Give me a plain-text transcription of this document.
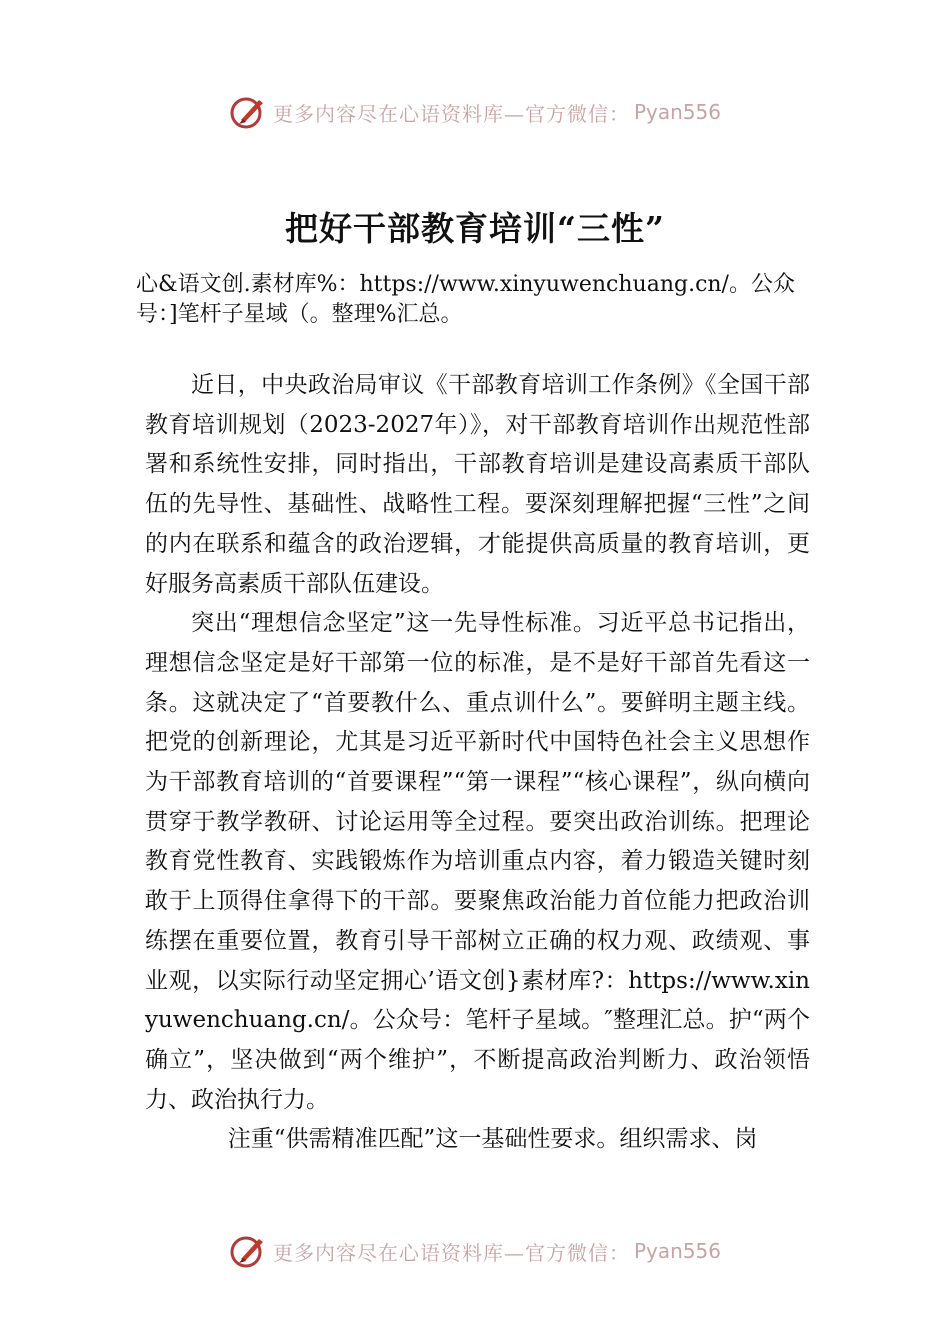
更多内容尽在心语资料库—官方微信： Pyan556
把好干部教育培训“三性”

心&语文创.素材库%：https://www.xinyuwenchuang.cn/。公众号：]笔杆子星域（。整理%汇总。

近日，中央政治局审议《干部教育培训工作条例》《全国干部教育培训规划（2023-2027年）》，对干部教育培训作出规范性部署和系统性安排，同时指出，干部教育培训是建设高素质干部队伍的先导性、基础性、战略性工程。要深刻理解把握“三性”之间的内在联系和蕴含的政治逻辑，才能提供高质量的教育培训，更好服务高素质干部队伍建设。

突出“理想信念坚定”这一先导性标准。习近平总书记指出，理想信念坚定是好干部第一位的标准，是不是好干部首先看这一条。这就决定了“首要教什么、重点训什么”。要鲜明主题主线。把党的创新理论，尤其是习近平新时代中国特色社会主义思想作为干部教育培训的“首要课程”“第一课程”“核心课程”，纵向横向贯穿于教学教研、讨论运用等全过程。要突出政治训练。把理论教育党性教育、实践锻炼作为培训重点内容，着力锻造关键时刻敢于上顶得住拿得下的干部。要聚焦政治能力首位能力把政治训练摆在重要位置，教育引导干部树立正确的权力观、政绩观、事业观，以实际行动坚定拥心’语文创}素材库?：https://www.xinyuwenchuang.cn/。公众号：笔杆子星域。″整理汇总。护“两个确立”，坚决做到“两个维护”，不断提高政治判断力、政治领悟力、政治执行力。

注重“供需精准匹配”这一基础性要求。组织需求、岗

更多内容尽在心语资料库—官方微信： Pyan556
